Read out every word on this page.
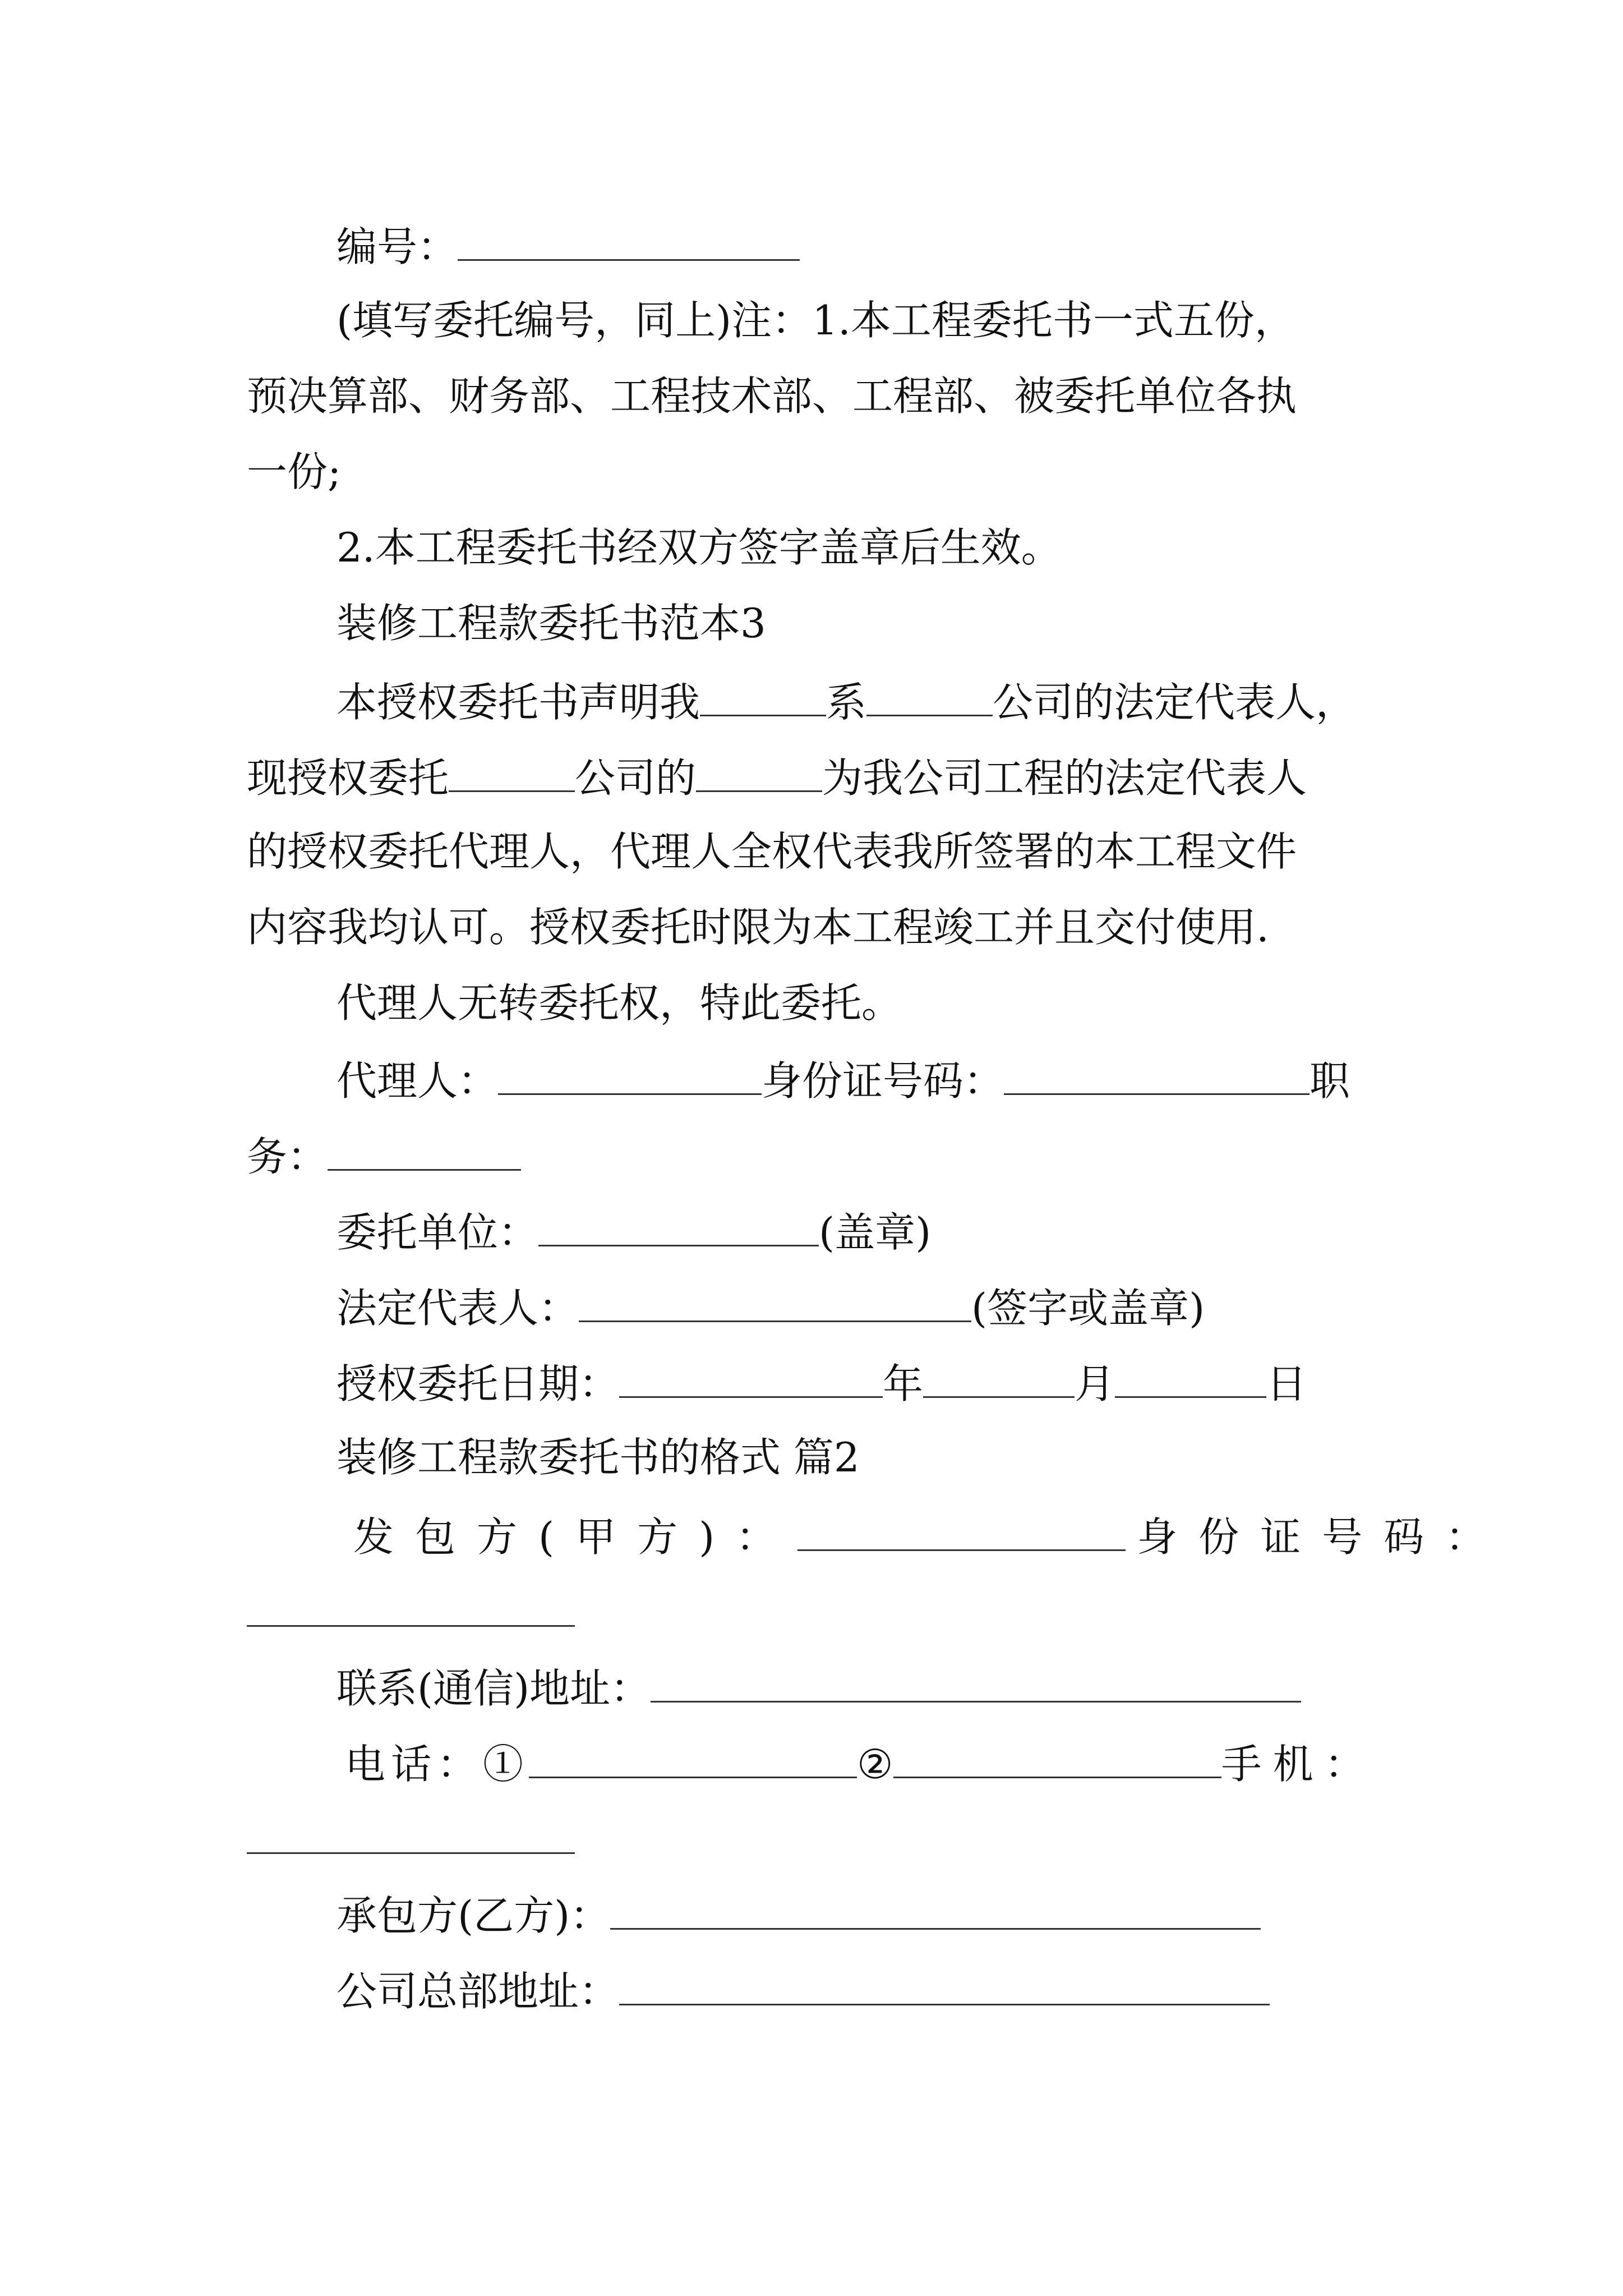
编号：
(填写委托编号，同上)注：1.本工程委托书一式五份，
预决算部、财务部、工程技术部、工程部、被委托单位各执
一份;
2.本工程委托书经双方签字盖章后生效。
装修工程款委托书范本3
本授权委托书声明我	系	公司的法定代表人，
现授权委托	公司的	为我公司工程的法定代表人
的授权委托代理人，代理人全权代表我所签署的本工程文件
内容我均认可。授权委托时限为本工程竣工并且交付使用.
代理人无转委托权，特此委托。
代理人：	身份证号码：	职
务：
委托单位：	(盖章)
法定代表人：	(签字或盖章)
授权委托日期：	年	月	日
装修工程款委托书的格式 篇2
发包方(甲方)：	身份证号码：
联系(通信)地址：
电话：①	②	手机：
承包方(乙方)：
公司总部地址：
